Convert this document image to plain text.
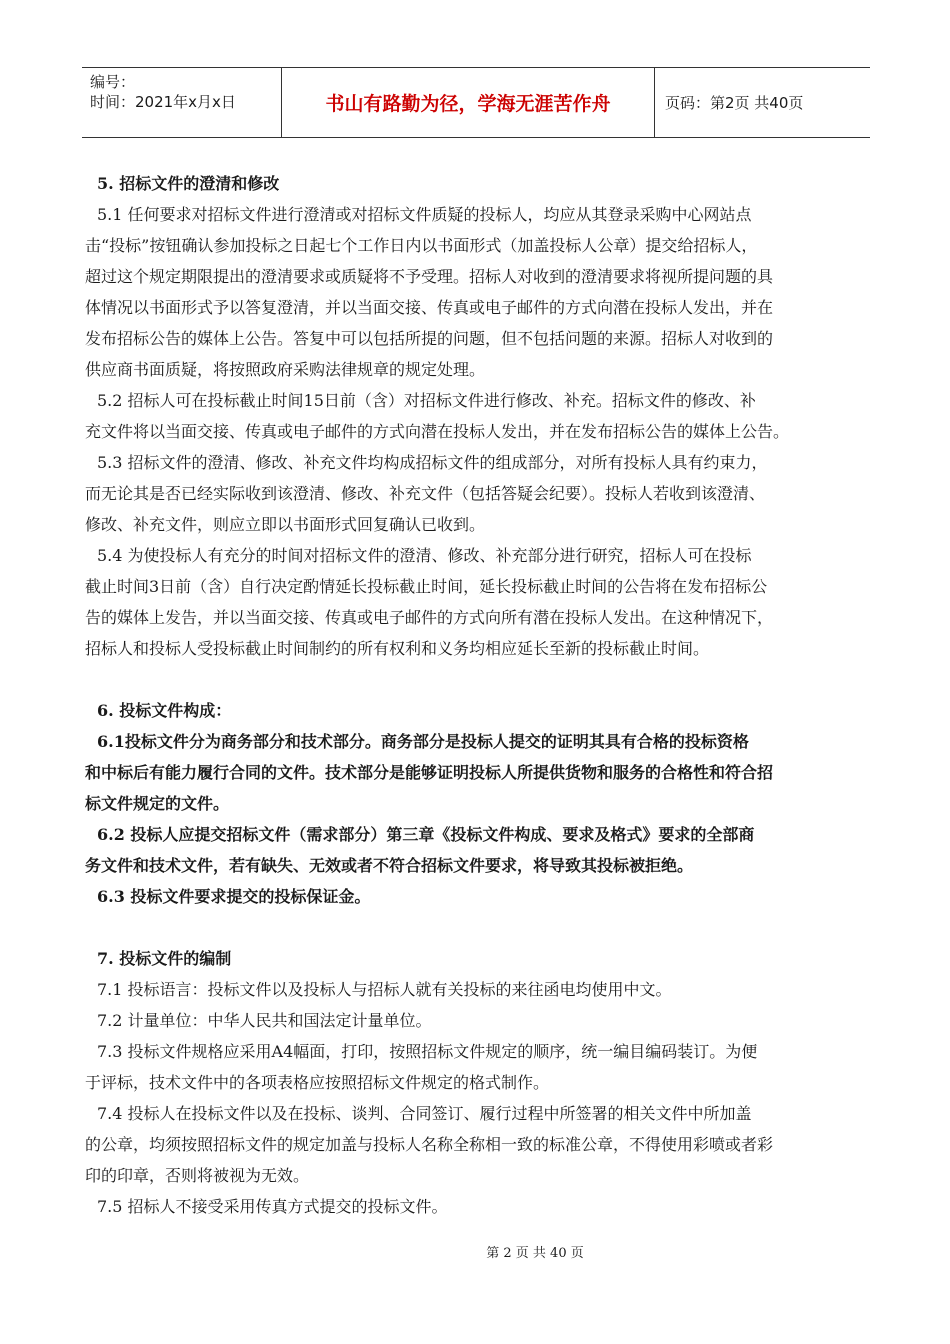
编号：
时间：2021年x月x日	书山有路勤为径，学海无涯苦作舟	页码：第2页 共40页
5. 招标文件的澄清和修改
5.1 任何要求对招标文件进行澄清或对招标文件质疑的投标人，均应从其登录采购中心网站点
击“投标”按钮确认参加投标之日起七个工作日内以书面形式（加盖投标人公章）提交给招标人，
超过这个规定期限提出的澄清要求或质疑将不予受理。招标人对收到的澄清要求将视所提问题的具
体情况以书面形式予以答复澄清，并以当面交接、传真或电子邮件的方式向潜在投标人发出，并在
发布招标公告的媒体上公告。答复中可以包括所提的问题，但不包括问题的来源。招标人对收到的
供应商书面质疑，将按照政府采购法律规章的规定处理。
5.2 招标人可在投标截止时间15日前（含）对招标文件进行修改、补充。招标文件的修改、补
充文件将以当面交接、传真或电子邮件的方式向潜在投标人发出，并在发布招标公告的媒体上公告。
5.3 招标文件的澄清、修改、补充文件均构成招标文件的组成部分，对所有投标人具有约束力，
而无论其是否已经实际收到该澄清、修改、补充文件（包括答疑会纪要）。投标人若收到该澄清、
修改、补充文件，则应立即以书面形式回复确认已收到。
5.4 为使投标人有充分的时间对招标文件的澄清、修改、补充部分进行研究，招标人可在投标
截止时间3日前（含）自行决定酌情延长投标截止时间，延长投标截止时间的公告将在发布招标公
告的媒体上发告，并以当面交接、传真或电子邮件的方式向所有潜在投标人发出。在这种情况下，
招标人和投标人受投标截止时间制约的所有权利和义务均相应延长至新的投标截止时间。
6. 投标文件构成：
6.1投标文件分为商务部分和技术部分。商务部分是投标人提交的证明其具有合格的投标资格
和中标后有能力履行合同的文件。技术部分是能够证明投标人所提供货物和服务的合格性和符合招
标文件规定的文件。
6.2 投标人应提交招标文件（需求部分）第三章《投标文件构成、要求及格式》要求的全部商
务文件和技术文件，若有缺失、无效或者不符合招标文件要求，将导致其投标被拒绝。
6.3 投标文件要求提交的投标保证金。
7. 投标文件的编制
7.1 投标语言：投标文件以及投标人与招标人就有关投标的来往函电均使用中文。
7.2 计量单位：中华人民共和国法定计量单位。
7.3 投标文件规格应采用A4幅面，打印，按照招标文件规定的顺序，统一编目编码装订。为便
于评标，技术文件中的各项表格应按照招标文件规定的格式制作。
7.4 投标人在投标文件以及在投标、谈判、合同签订、履行过程中所签署的相关文件中所加盖
的公章，均须按照招标文件的规定加盖与投标人名称全称相一致的标准公章，不得使用彩喷或者彩
印的印章，否则将被视为无效。
7.5 招标人不接受采用传真方式提交的投标文件。
第 2 页 共 40 页
